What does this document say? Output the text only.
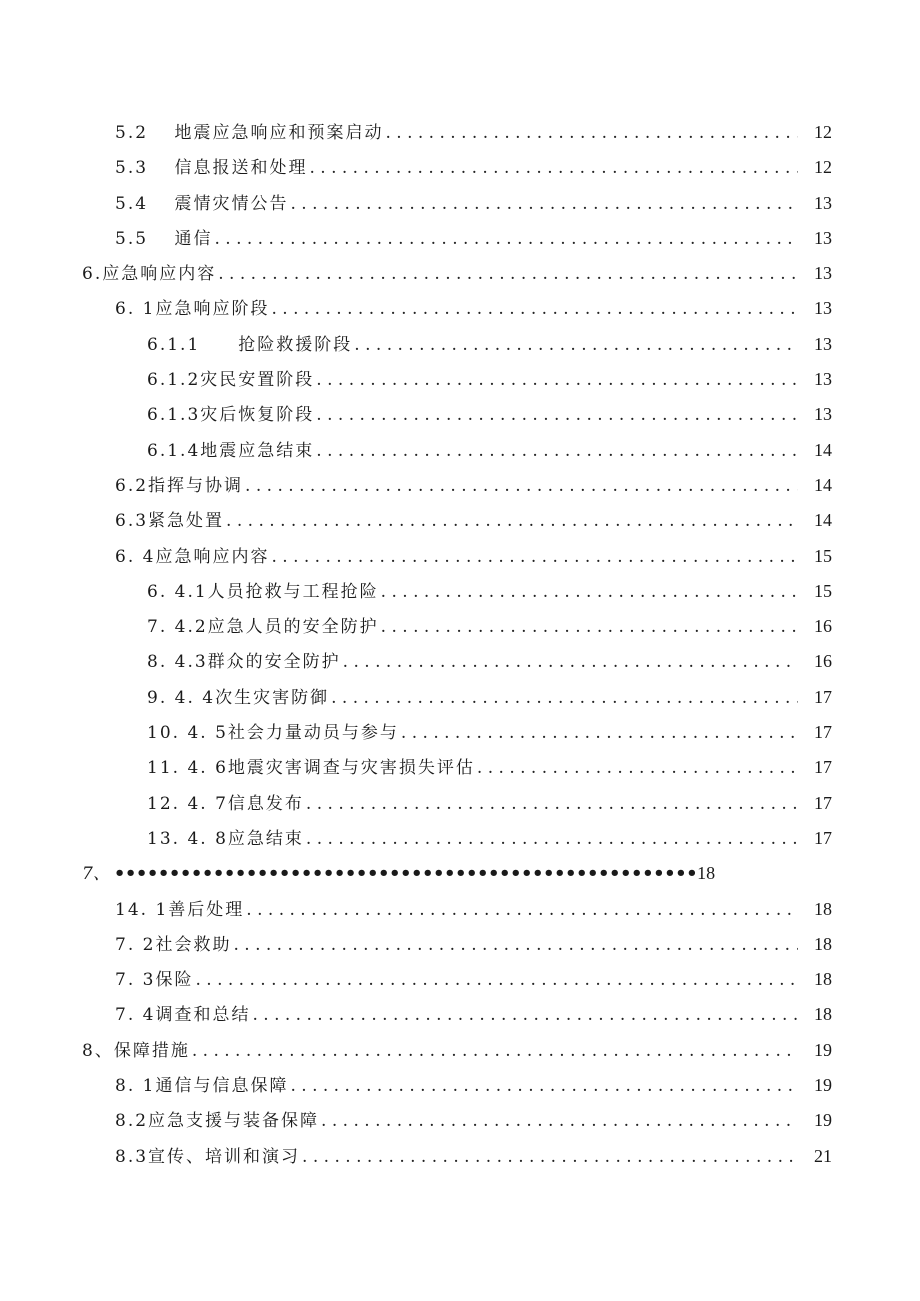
5.2　 地震应急响应和预案启动 . . .	12
5.3　 信息报送和处理 . . .	12
5.4　 震情灾情公告 . . .	13
5.5　 通信 . . .	13
6.应急响应内容 . . .	13
6. 1应急响应阶段 . . .	13
6.1.1　　抢险救援阶段 . . .	13
6.1.2灾民安置阶段 . . .	13
6.1.3灾后恢复阶段 . . .	13
6.1.4地震应急结束 . . .	14
6.2指挥与协调 . . .	14
6.3紧急处置 . . .	14
6. 4应急响应内容 . . .	15
6. 4.1人员抢救与工程抢险 . . .	15
7. 4.2应急人员的安全防护 . . .	16
8. 4.3群众的安全防护 . . .	16
9. 4. 4次生灾害防御 . . .	17
10. 4. 5社会力量动员与参与 . . .	17
11. 4. 6地震灾害调查与灾害损失评估 . . .	17
12. 4. 7信息发布 . . .	17
13. 4. 8应急结束 . . .	17
7、 ••••••••••••••••••••••••••••••••••••••••••••••••••••• 18
14. 1善后处理 . . .	18
7. 2社会救助 . . .	18
7. 3保险 . . .	18
7. 4调查和总结 . . .	18
8、保障措施 . . .	19
8. 1通信与信息保障 . . .	19
8.2应急支援与装备保障 . . .	19
8.3宣传、培训和演习 . . .	21
